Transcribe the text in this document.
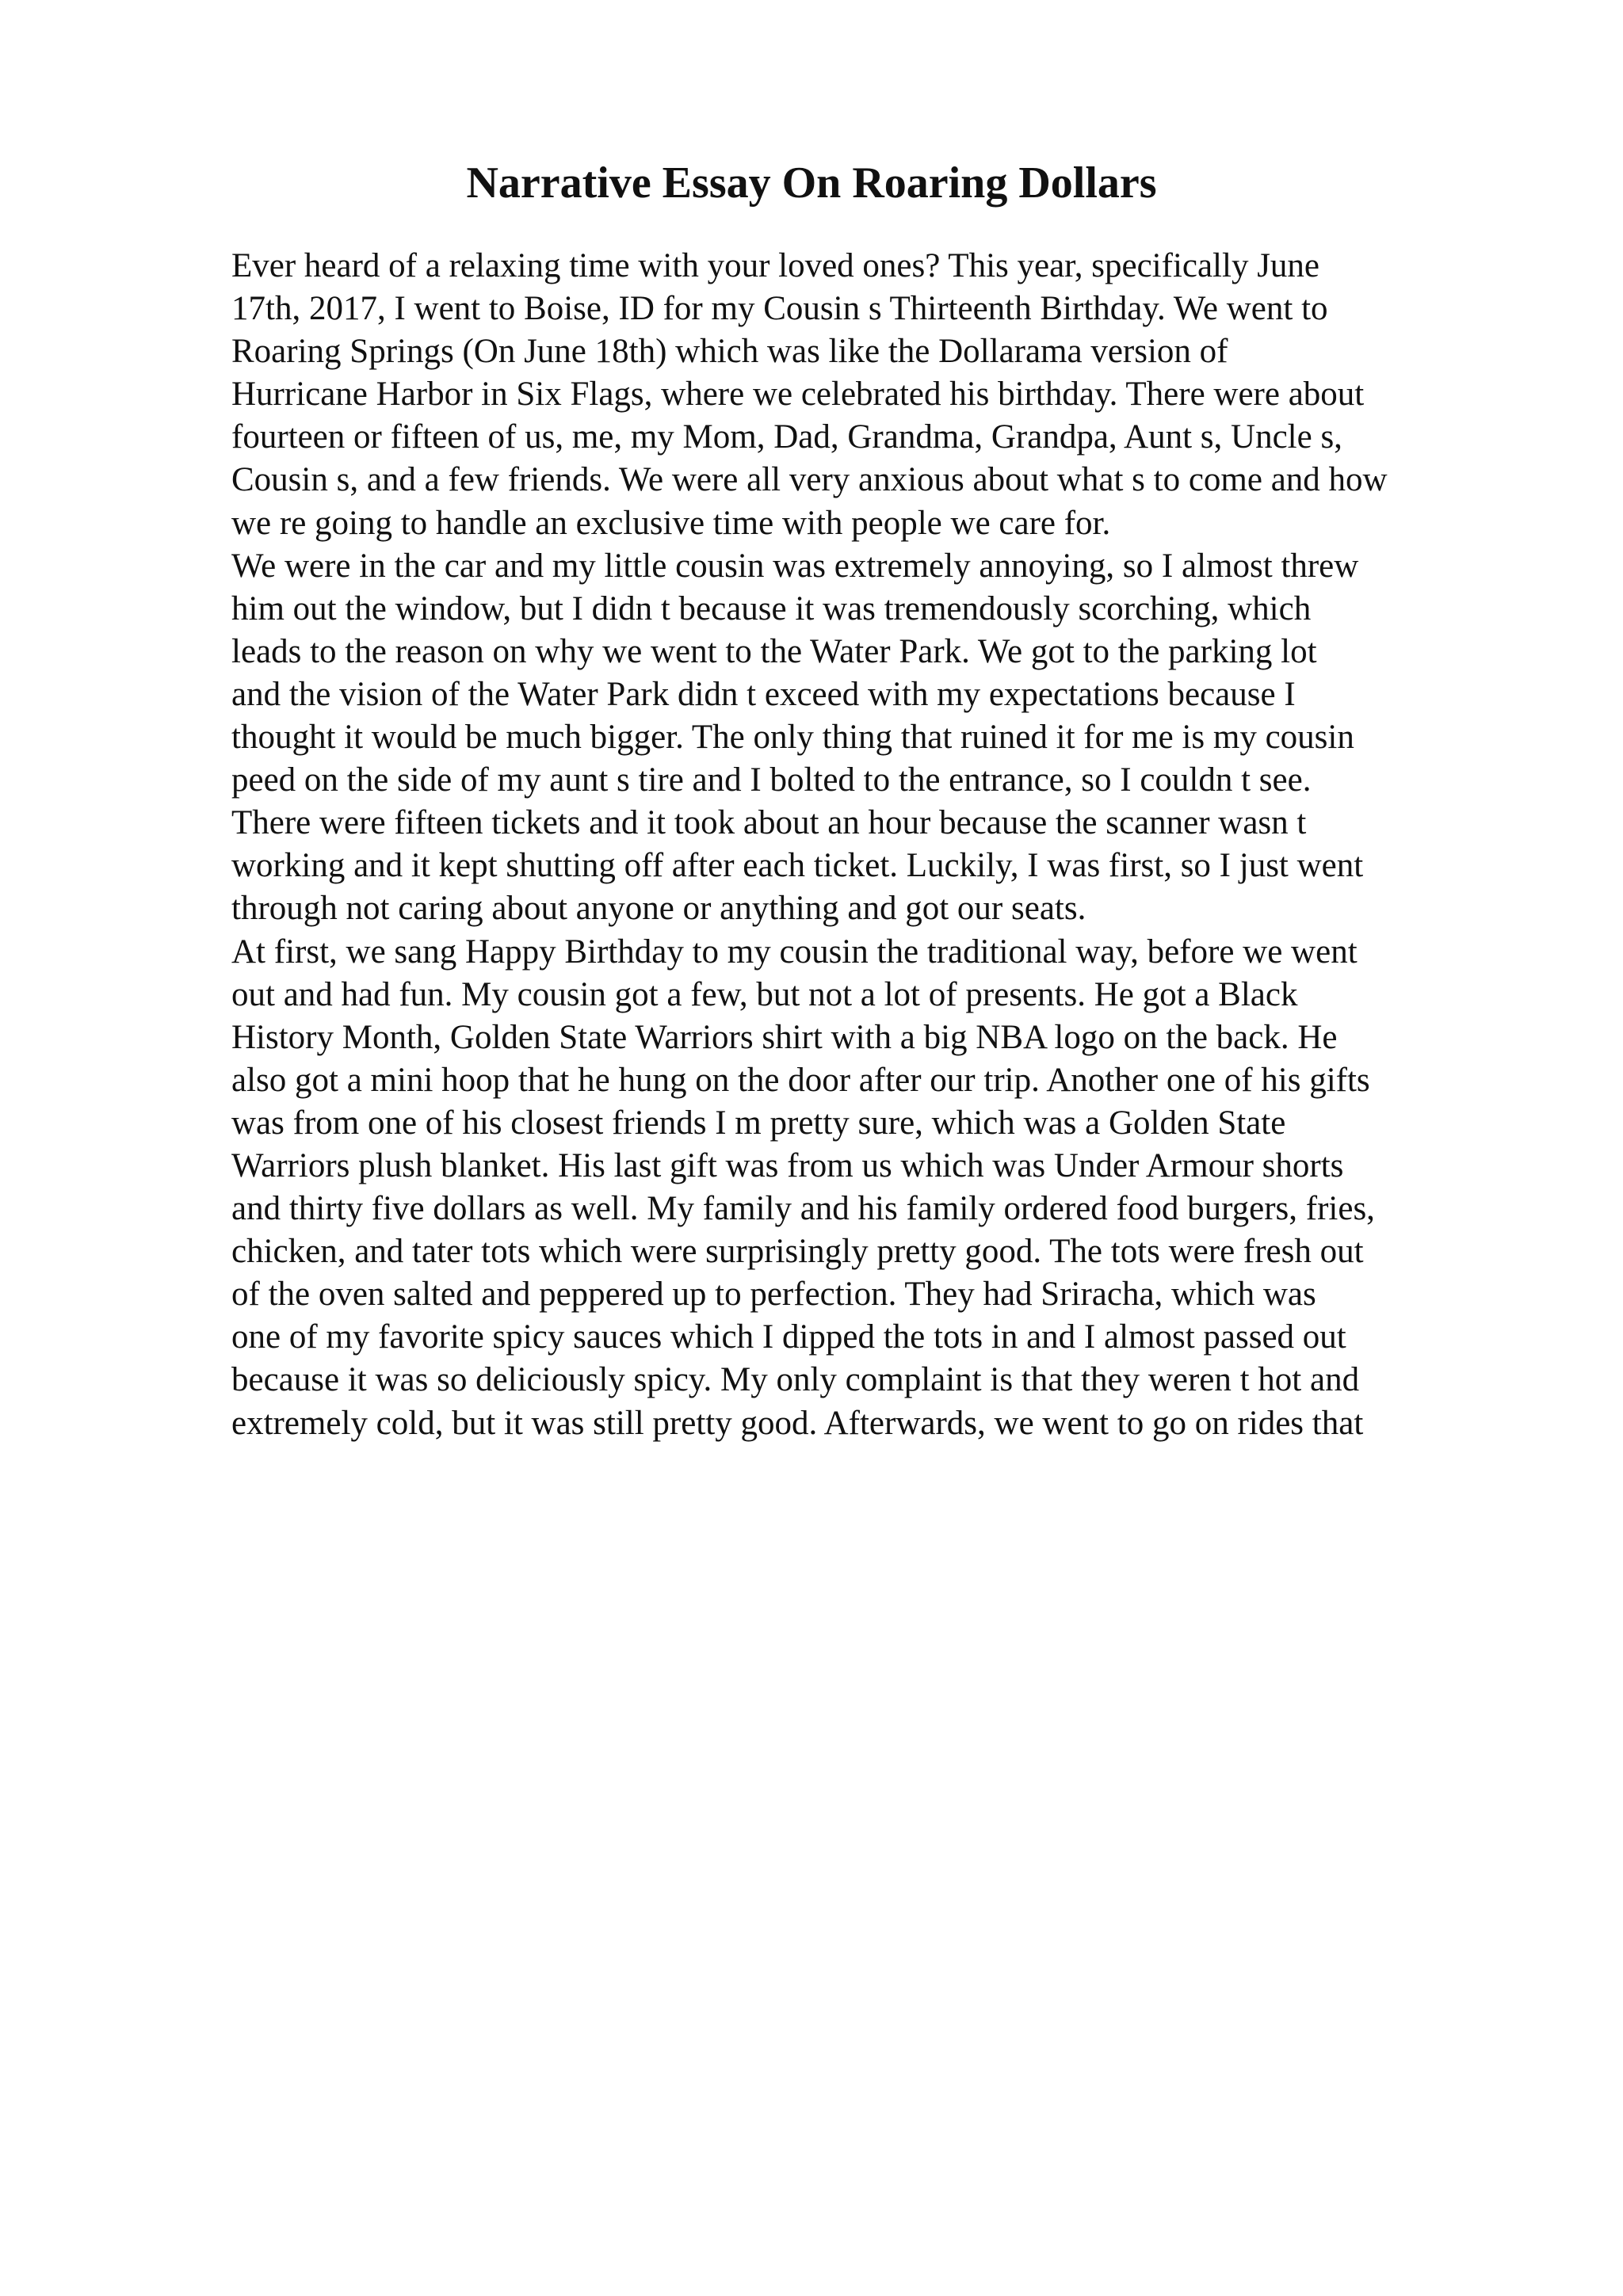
Narrative Essay On Roaring Dollars
Ever heard of a relaxing time with your loved ones? This year, specifically June
17th, 2017, I went to Boise, ID for my Cousin s Thirteenth Birthday. We went to
Roaring Springs (On June 18th) which was like the Dollarama version of
Hurricane Harbor in Six Flags, where we celebrated his birthday. There were about
fourteen or fifteen of us, me, my Mom, Dad, Grandma, Grandpa, Aunt s, Uncle s,
Cousin s, and a few friends. We were all very anxious about what s to come and how
we re going to handle an exclusive time with people we care for.
We were in the car and my little cousin was extremely annoying, so I almost threw
him out the window, but I didn t because it was tremendously scorching, which
leads to the reason on why we went to the Water Park. We got to the parking lot
and the vision of the Water Park didn t exceed with my expectations because I
thought it would be much bigger. The only thing that ruined it for me is my cousin
peed on the side of my aunt s tire and I bolted to the entrance, so I couldn t see.
There were fifteen tickets and it took about an hour because the scanner wasn t
working and it kept shutting off after each ticket. Luckily, I was first, so I just went
through not caring about anyone or anything and got our seats.
At first, we sang Happy Birthday to my cousin the traditional way, before we went
out and had fun. My cousin got a few, but not a lot of presents. He got a Black
History Month, Golden State Warriors shirt with a big NBA logo on the back. He
also got a mini hoop that he hung on the door after our trip. Another one of his gifts
was from one of his closest friends I m pretty sure, which was a Golden State
Warriors plush blanket. His last gift was from us which was Under Armour shorts
and thirty five dollars as well. My family and his family ordered food burgers, fries,
chicken, and tater tots which were surprisingly pretty good. The tots were fresh out
of the oven salted and peppered up to perfection. They had Sriracha, which was
one of my favorite spicy sauces which I dipped the tots in and I almost passed out
because it was so deliciously spicy. My only complaint is that they weren t hot and
extremely cold, but it was still pretty good. Afterwards, we went to go on rides that
